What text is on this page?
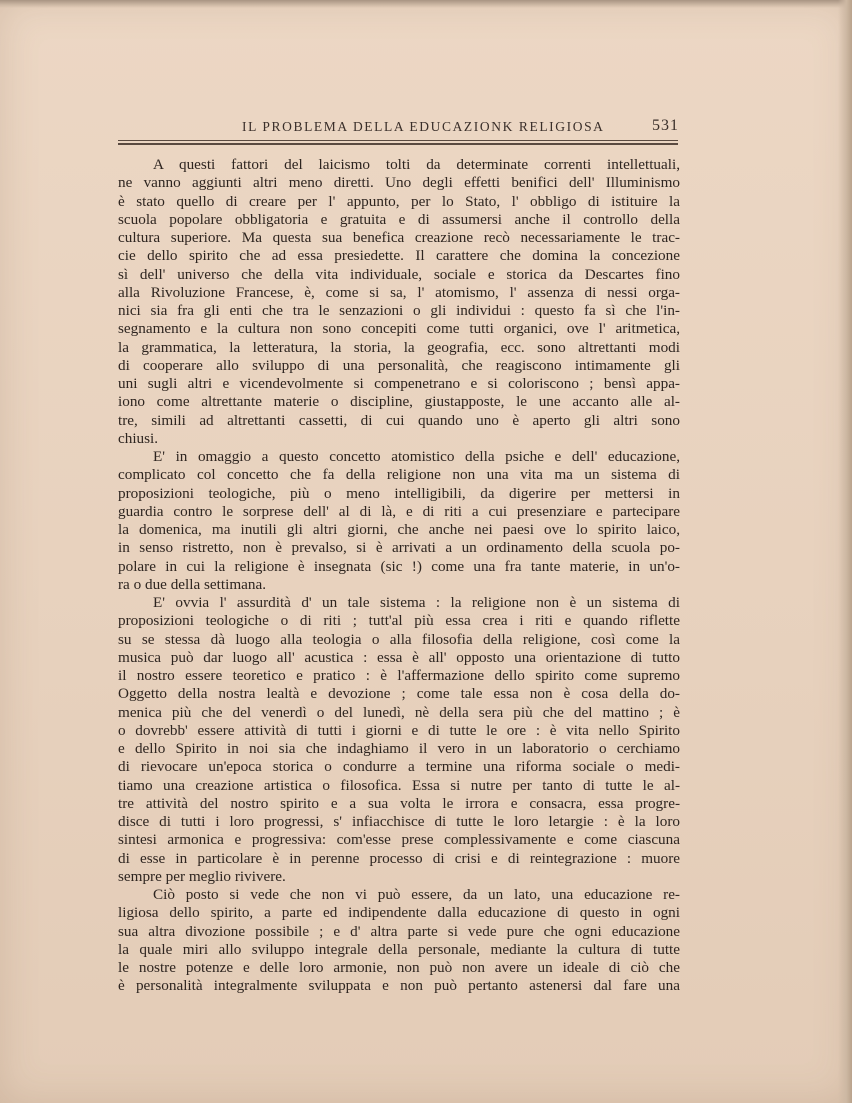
IL PROBLEMA DELLA EDUCAZIONK RELIGIOSA	531
A questi fattori del laicismo tolti da determinate correnti intellettuali,
ne vanno aggiunti altri meno diretti. Uno degli effetti benifici dell' Illuminismo
è stato quello di creare per l' appunto, per lo Stato, l' obbligo di istituire la
scuola popolare obbligatoria e gratuita e di assumersi anche il controllo della
cultura superiore. Ma questa sua benefica creazione recò necessariamente le trac-
cie dello spirito che ad essa presiedette. Il carattere che domina la concezione
sì dell' universo che della vita individuale, sociale e storica da Descartes fino
alla Rivoluzione Francese, è, come si sa, l' atomismo, l' assenza di nessi orga-
nici sia fra gli enti che tra le senzazioni o gli individui : questo fa sì che l'in-
segnamento e la cultura non sono concepiti come tutti organici, ove l' aritmetica,
la grammatica, la letteratura, la storia, la geografia, ecc. sono altrettanti modi
di cooperare allo sviluppo di una personalità, che reagiscono intimamente gli
uni sugli altri e vicendevolmente si compenetrano e si coloriscono ; bensì appa-
iono come altrettante materie o discipline, giustapposte, le une accanto alle al-
tre, simili ad altrettanti cassetti, di cui quando uno è aperto gli altri sono
chiusi.
E' in omaggio a questo concetto atomistico della psiche e dell' educazione,
complicato col concetto che fa della religione non una vita ma un sistema di
proposizioni teologiche, più o meno intelligibili, da digerire per mettersi in
guardia contro le sorprese dell' al di là, e di riti a cui presenziare e partecipare
la domenica, ma inutili gli altri giorni, che anche nei paesi ove lo spirito laico,
in senso ristretto, non è prevalso, si è arrivati a un ordinamento della scuola po-
polare in cui la religione è insegnata (sic !) come una fra tante materie, in un'o-
ra o due della settimana.
E' ovvia l' assurdità d' un tale sistema : la religione non è un sistema di
proposizioni teologiche o di riti ; tutt'al più essa crea i riti e quando riflette
su se stessa dà luogo alla teologia o alla filosofia della religione, così come la
musica può dar luogo all' acustica : essa è all' opposto una orientazione di tutto
il nostro essere teoretico e pratico : è l'affermazione dello spirito come supremo
Oggetto della nostra lealtà e devozione ; come tale essa non è cosa della do-
menica più che del venerdì o del lunedì, nè della sera più che del mattino ; è
o dovrebb' essere attività di tutti i giorni e di tutte le ore : è vita nello Spirito
e dello Spirito in noi sia che indaghiamo il vero in un laboratorio o cerchiamo
di rievocare un'epoca storica o condurre a termine una riforma sociale o medi-
tiamo una creazione artistica o filosofica. Essa si nutre per tanto di tutte le al-
tre attività del nostro spirito e a sua volta le irrora e consacra, essa progre-
disce di tutti i loro progressi, s' infiacchisce di tutte le loro letargie : è la loro
sintesi armonica e progressiva: com'esse prese complessivamente e come ciascuna
di esse in particolare è in perenne processo di crisi e di reintegrazione : muore
sempre per meglio rivivere.
Ciò posto si vede che non vi può essere, da un lato, una educazione re-
ligiosa dello spirito, a parte ed indipendente dalla educazione di questo in ogni
sua altra divozione possibile ; e d' altra parte si vede pure che ogni educazione
la quale miri allo sviluppo integrale della personale, mediante la cultura di tutte
le nostre potenze e delle loro armonie, non può non avere un ideale di ciò che
è personalità integralmente sviluppata e non può pertanto astenersi dal fare una
